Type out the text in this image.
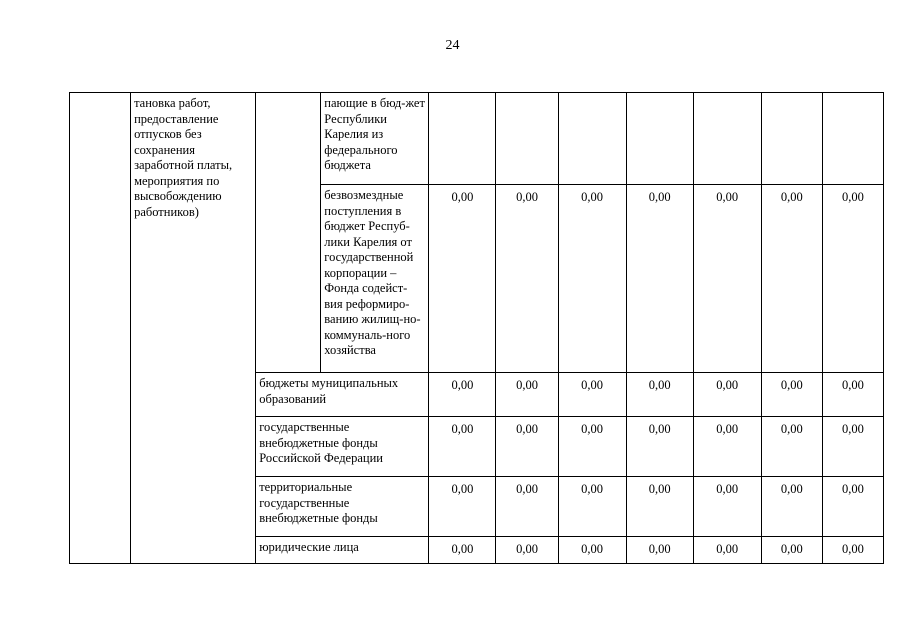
24
	тановка работ, предоставление отпусков без сохранения заработной платы, мероприятия по высвобождению работников)		пающие в бюд-жет Республики Карелия из федерального бюджета							
			безвозмездные поступления в бюджет Респуб-лики Карелия от государственной корпорации – Фонда содейст-вия реформиро-ванию жилищ-но-коммуналь-ного хозяйства	0,00	0,00	0,00	0,00	0,00	0,00	0,00
		бюджеты муниципальных образований		0,00	0,00	0,00	0,00	0,00	0,00	0,00
		государственные внебюджетные фонды Российской Федерации		0,00	0,00	0,00	0,00	0,00	0,00	0,00
		территориальные государственные внебюджетные фонды		0,00	0,00	0,00	0,00	0,00	0,00	0,00
		юридические лица		0,00	0,00	0,00	0,00	0,00	0,00	0,00
